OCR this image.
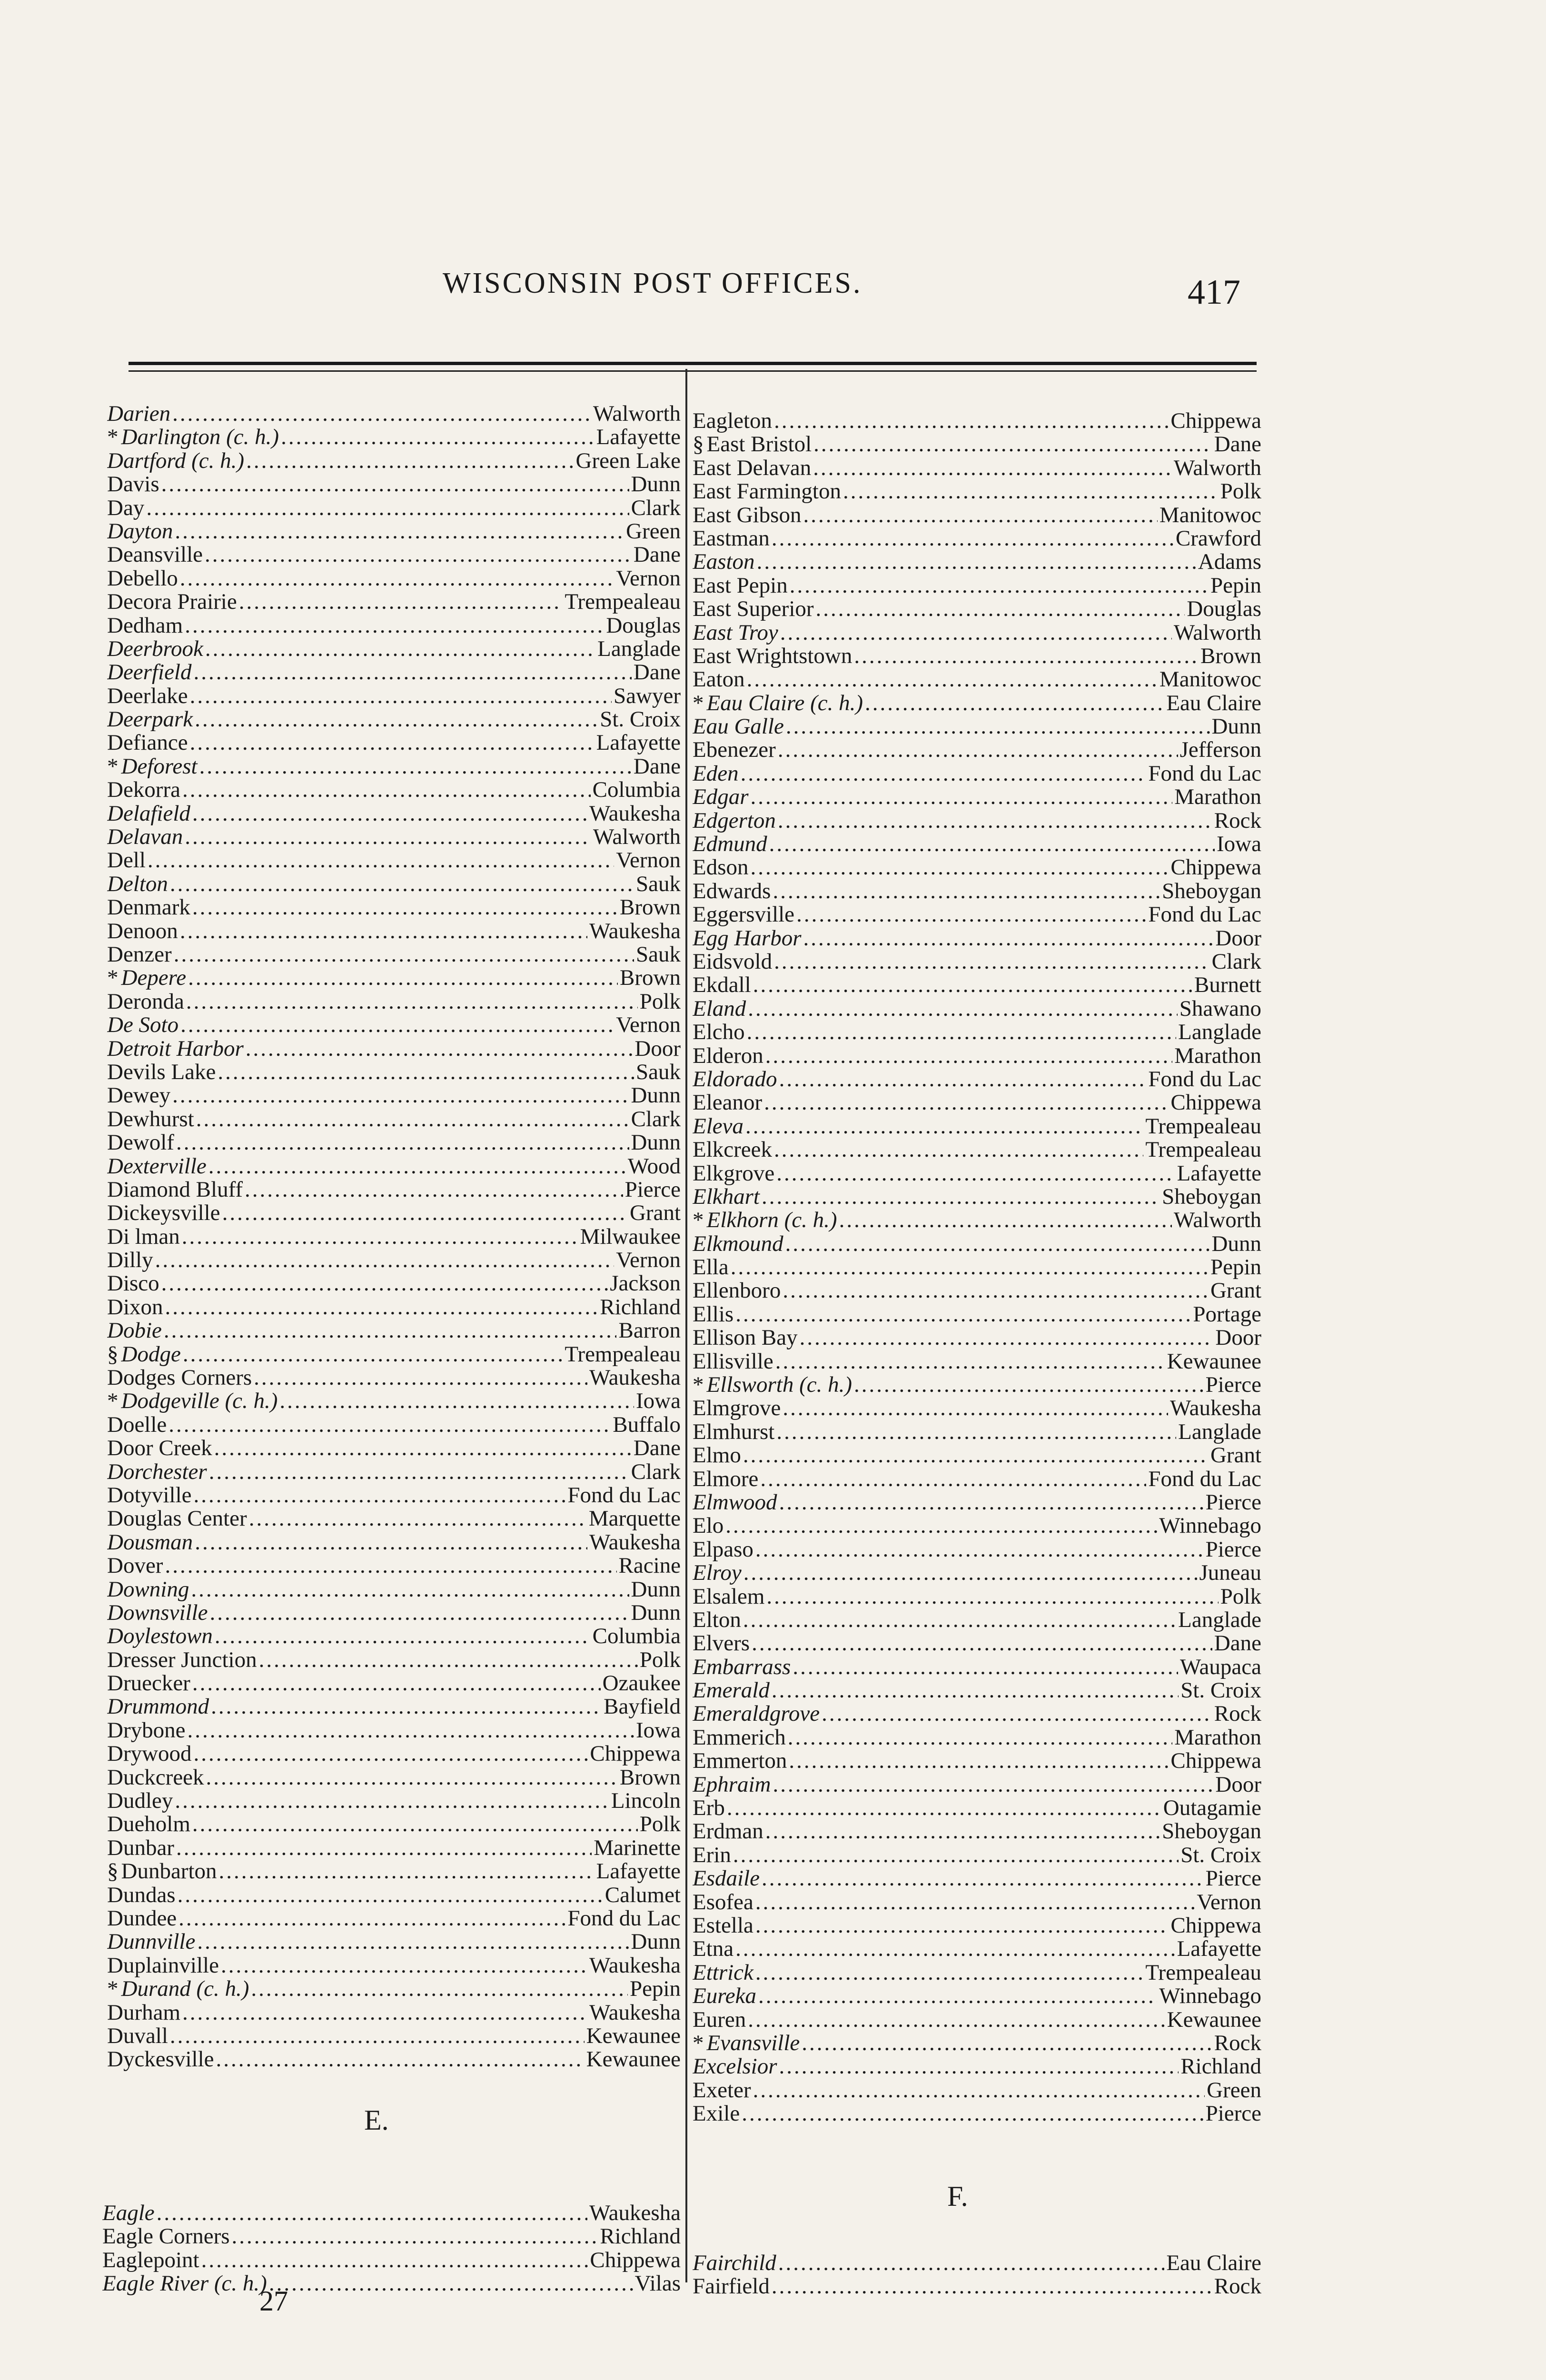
WISCONSIN POST OFFICES.	417
Darien .....	Walworth
* Darlington (c. h.) .....	Lafayette
Dartford (c. h.) .....	Green Lake
Davis .....	Dunn
Day .....	Clark
Dayton .....	Green
Deansville .....	Dane
Debello .....	Vernon
Decora Prairie .....	Trempealeau
Dedham .....	Douglas
Deerbrook .....	Langlade
Deerfield .....	Dane
Deerlake .....	Sawyer
Deerpark .....	St. Croix
Defiance .....	Lafayette
* Deforest .....	Dane
Dekorra .....	Columbia
Delafield .....	Waukesha
Delavan .....	Walworth
Dell .....	Vernon
Delton .....	Sauk
Denmark .....	Brown
Denoon .....	Waukesha
Denzer .....	Sauk
* Depere .....	Brown
Deronda .....	Polk
De Soto .....	Vernon
Detroit Harbor .....	Door
Devils Lake .....	Sauk
Dewey .....	Dunn
Dewhurst .....	Clark
Dewolf .....	Dunn
Dexterville .....	Wood
Diamond Bluff .....	Pierce
Dickeysville .....	Grant
Di lman .....	Milwaukee
Dilly .....	Vernon
Disco .....	Jackson
Dixon .....	Richland
Dobie .....	Barron
§ Dodge .....	Trempealeau
Dodges Corners .....	Waukesha
* Dodgeville (c. h.) .....	Iowa
Doelle .....	Buffalo
Door Creek .....	Dane
Dorchester .....	Clark
Dotyville .....	Fond du Lac
Douglas Center .....	Marquette
Dousman .....	Waukesha
Dover .....	Racine
Downing .....	Dunn
Downsville .....	Dunn
Doylestown .....	Columbia
Dresser Junction .....	Polk
Druecker .....	Ozaukee
Drummond .....	Bayfield
Drybone .....	Iowa
Drywood .....	Chippewa
Duckcreek .....	Brown
Dudley .....	Lincoln
Dueholm .....	Polk
Dunbar .....	Marinette
§ Dunbarton .....	Lafayette
Dundas .....	Calumet
Dundee .....	Fond du Lac
Dunnville .....	Dunn
Duplainville .....	Waukesha
* Durand (c. h.) .....	Pepin
Durham .....	Waukesha
Duvall .....	Kewaunee
Dyckesville .....	Kewaunee
E.
Eagle .....	Waukesha
Eagle Corners .....	Richland
Eaglepoint .....	Chippewa
Eagle River (c. h.) .....	Vilas
Eagleton .....	Chippewa
§ East Bristol .....	Dane
East Delavan .....	Walworth
East Farmington .....	Polk
East Gibson .....	Manitowoc
Eastman .....	Crawford
Easton .....	Adams
East Pepin .....	Pepin
East Superior .....	Douglas
East Troy .....	Walworth
East Wrightstown .....	Brown
Eaton .....	Manitowoc
* Eau Claire (c. h.) .....	Eau Claire
Eau Galle .....	Dunn
Ebenezer .....	Jefferson
Eden .....	Fond du Lac
Edgar .....	Marathon
Edgerton .....	Rock
Edmund .....	Iowa
Edson .....	Chippewa
Edwards .....	Sheboygan
Eggersville .....	Fond du Lac
Egg Harbor .....	Door
Eidsvold .....	Clark
Ekdall .....	Burnett
Eland .....	Shawano
Elcho .....	Langlade
Elderon .....	Marathon
Eldorado .....	Fond du Lac
Eleanor .....	Chippewa
Eleva .....	Trempealeau
Elkcreek .....	Trempealeau
Elkgrove .....	Lafayette
Elkhart .....	Sheboygan
* Elkhorn (c. h.) .....	Walworth
Elkmound .....	Dunn
Ella .....	Pepin
Ellenboro .....	Grant
Ellis .....	Portage
Ellison Bay .....	Door
Ellisville .....	Kewaunee
* Ellsworth (c. h.) .....	Pierce
Elmgrove .....	Waukesha
Elmhurst .....	Langlade
Elmo .....	Grant
Elmore .....	Fond du Lac
Elmwood .....	Pierce
Elo .....	Winnebago
Elpaso .....	Pierce
Elroy .....	Juneau
Elsalem .....	Polk
Elton .....	Langlade
Elvers .....	Dane
Embarrass .....	Waupaca
Emerald .....	St. Croix
Emeraldgrove .....	Rock
Emmerich .....	Marathon
Emmerton .....	Chippewa
Ephraim .....	Door
Erb .....	Outagamie
Erdman .....	Sheboygan
Erin .....	St. Croix
Esdaile .....	Pierce
Esofea .....	Vernon
Estella .....	Chippewa
Etna .....	Lafayette
Ettrick .....	Trempealeau
Eureka .....	Winnebago
Euren .....	Kewaunee
* Evansville .....	Rock
Excelsior .....	Richland
Exeter .....	Green
Exile .....	Pierce
F.
Fairchild .....	Eau Claire
Fairfield .....	Rock
27
